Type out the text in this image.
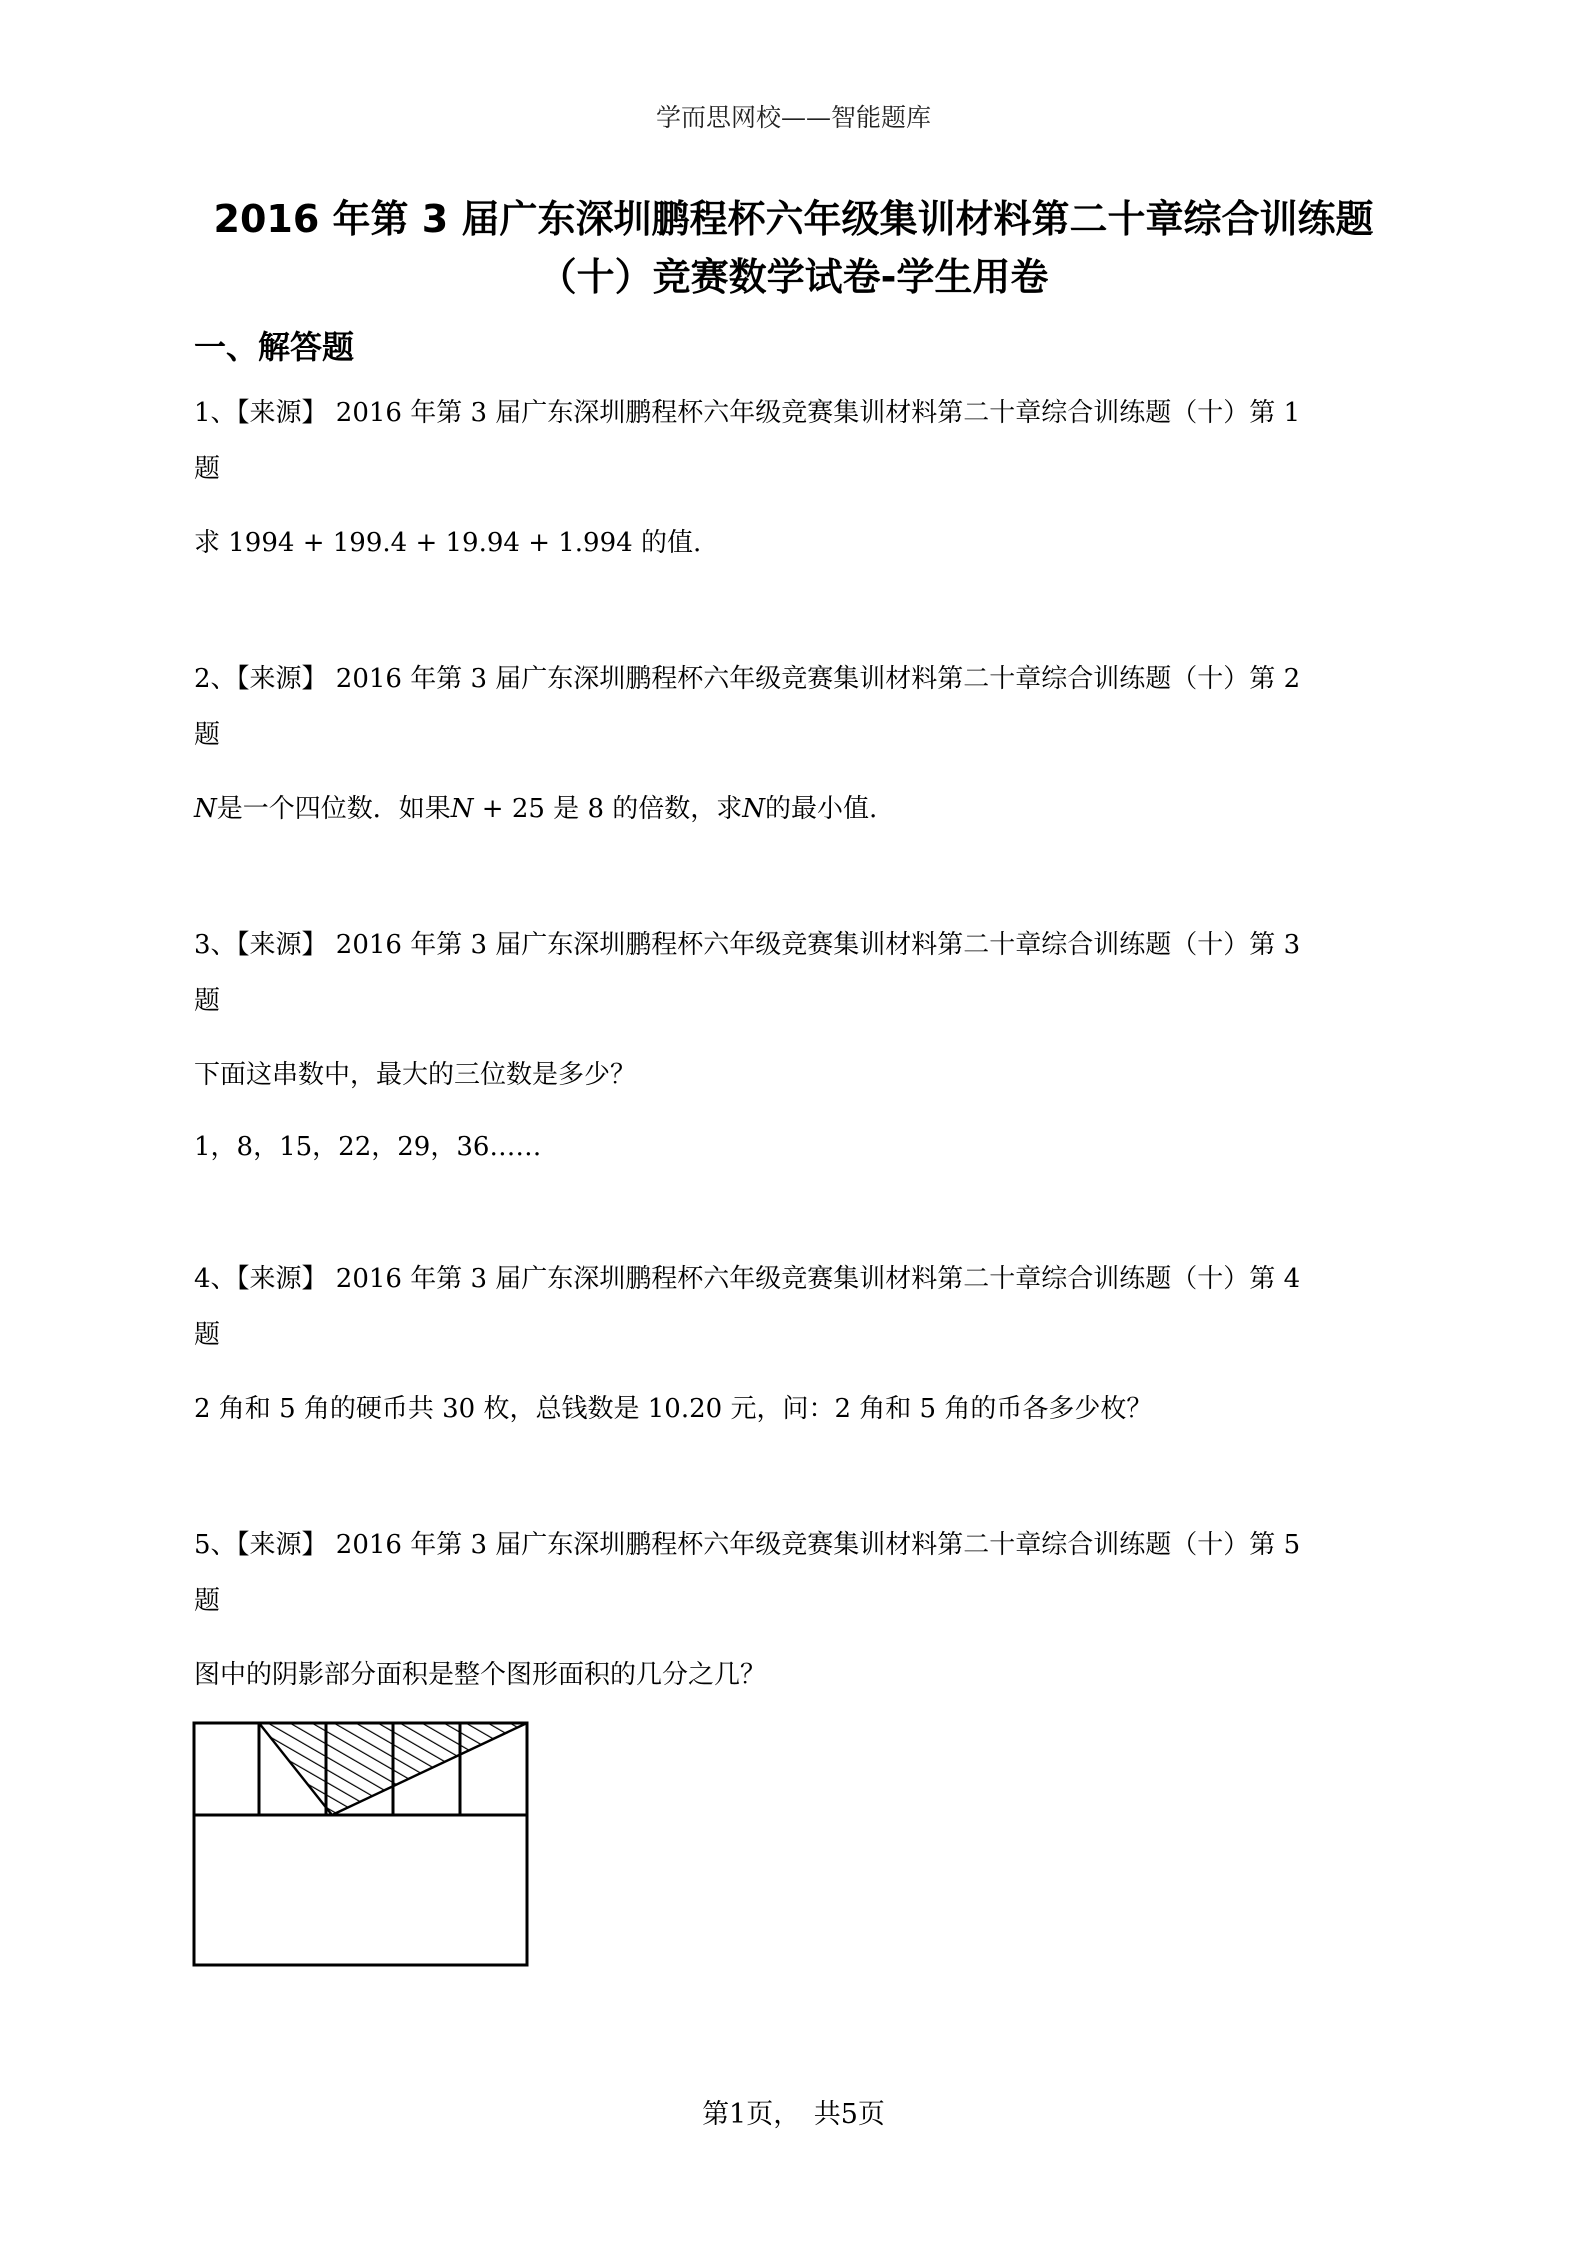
学而思网校——智能题库
2016 年第 3 届广东深圳鹏程杯六年级集训材料第二十章综合训练题
（十）竞赛数学试卷-学生用卷
一、解答题
1、【来源】 2016 年第 3 届广东深圳鹏程杯六年级竞赛集训材料第二十章综合训练题（十）第 1
题
求 1994 + 199.4 + 19.94 + 1.994 的值.
2、【来源】 2016 年第 3 届广东深圳鹏程杯六年级竞赛集训材料第二十章综合训练题（十）第 2
题
N是一个四位数．如果N + 25 是 8 的倍数，求N的最小值.
3、【来源】 2016 年第 3 届广东深圳鹏程杯六年级竞赛集训材料第二十章综合训练题（十）第 3
题
下面这串数中，最大的三位数是多少？
1，8，15，22，29，36……
4、【来源】 2016 年第 3 届广东深圳鹏程杯六年级竞赛集训材料第二十章综合训练题（十）第 4
题
2 角和 5 角的硬币共 30 枚，总钱数是 10.20 元，问：2 角和 5 角的币各多少枚？
5、【来源】 2016 年第 3 届广东深圳鹏程杯六年级竞赛集训材料第二十章综合训练题（十）第 5
题
图中的阴影部分面积是整个图形面积的几分之几？
第1页，　共5页
